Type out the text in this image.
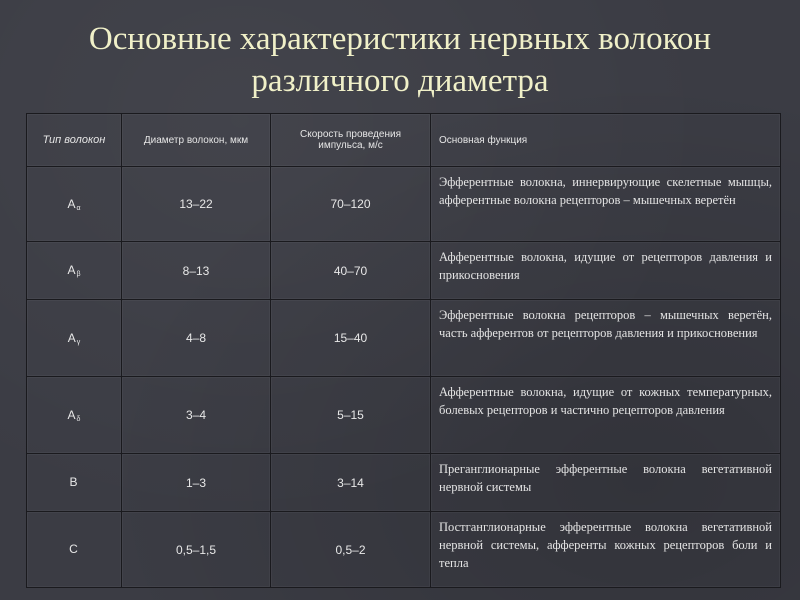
Основные характеристики нервных волокон
различного диаметра
Тип волокон	Диаметр волокон, мкм	Скорость проведения импульса, м/с	Основная функция
$A_\alpha$	13–22	70–120	Эфферентные волокна, иннервирующие скелетные мышцы, афферентные волокна рецепторов – мышечных веретён
$A_\beta$	8–13	40–70	Афферентные волокна, идущие от рецепторов давления и прикосновения
$A_\gamma$	4–8	15–40	Эфферентные волокна рецепторов – мышечных веретён, часть афферентов от рецепторов давления и прикосновения
$A_\delta$	3–4	5–15	Афферентные волокна, идущие от кожных температурных, болевых рецепторов и частично рецепторов давления
B	1–3	3–14	Преганглионарные эфферентные волокна вегетативной нервной системы
C	0,5–1,5	0,5–2	Постганглионарные эфферентные волокна вегетативной нервной системы, афференты кожных рецепторов боли и тепла
